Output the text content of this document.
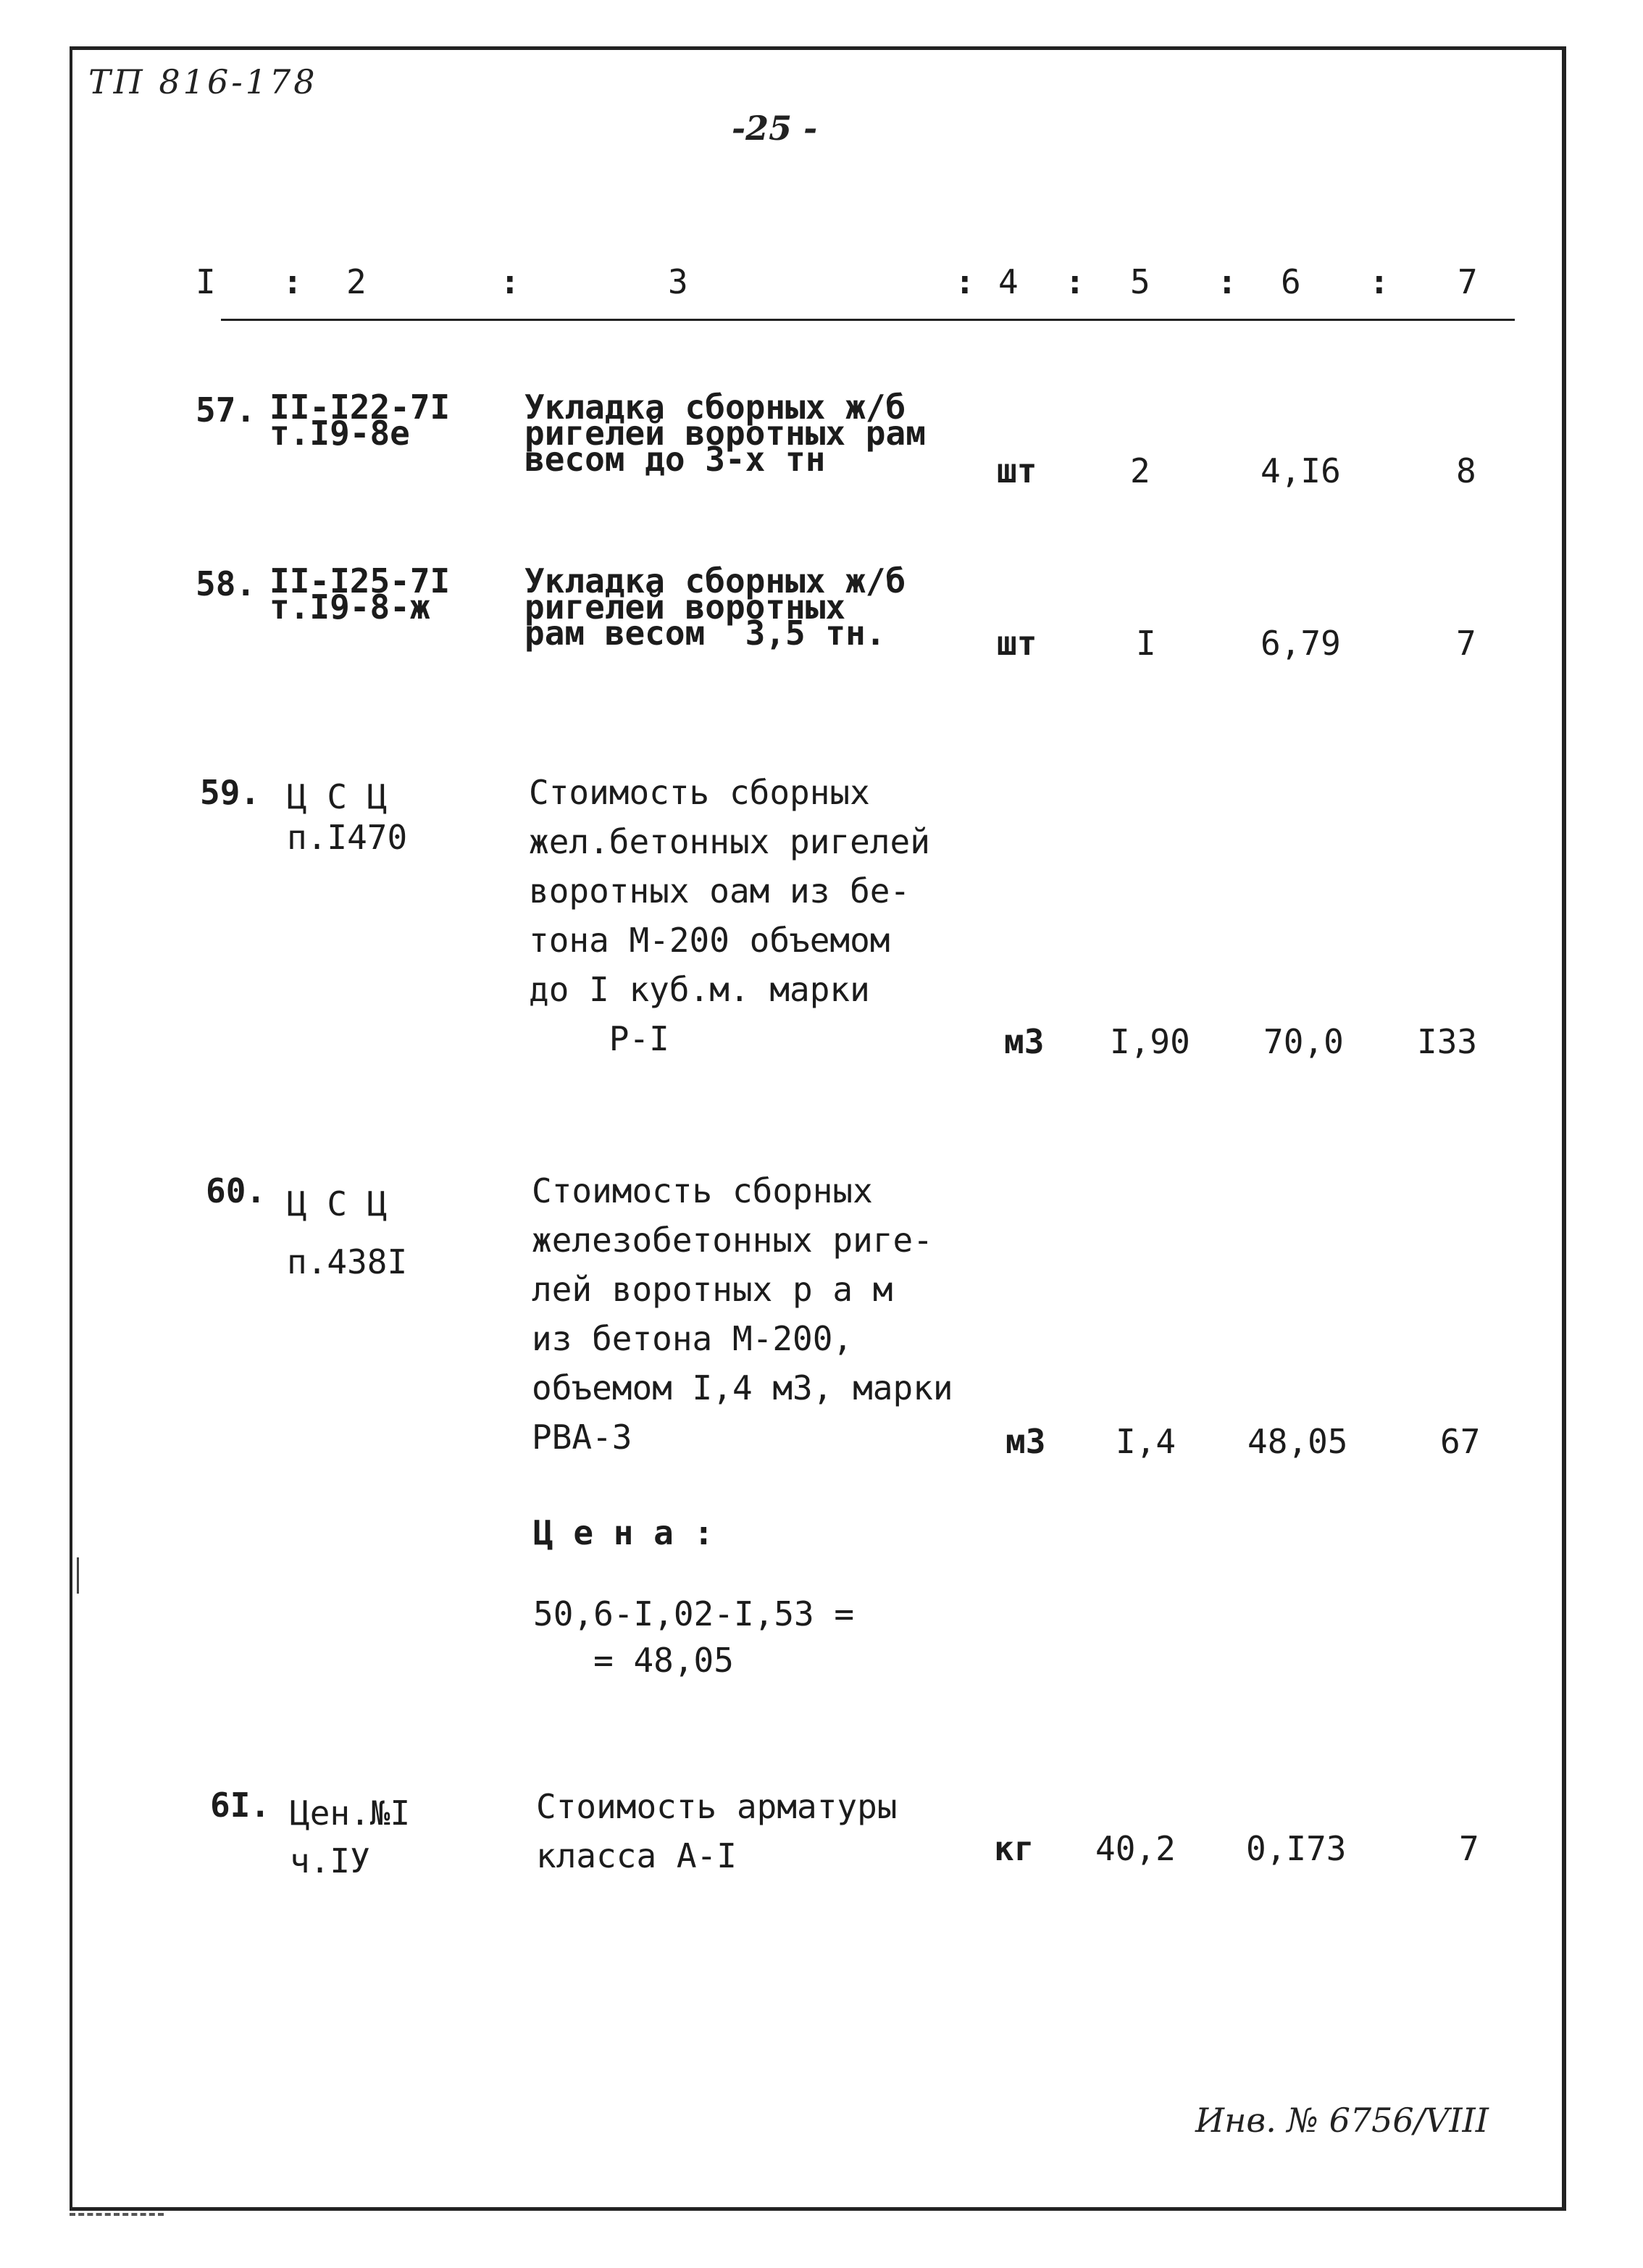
ТП 816-178
-25 -
I : 2	:	3	: 4 : 5 : 6 : 7
57. II-I22-7I
т.I9-8е
Укладка сборных ж/б
ригелей воротных рам
весом до 3-х тн	шт	2	4,I6	8
58. II-I25-7I
т.I9-8-ж
Укладка сборных ж/б
ригелей воротных
рам весом  3,5 тн.	шт	I	6,79	7
59. Ц С Ц
п.I470
Стоимость сборных
жел.бетонных ригелей
воротных оам из бе-
тона М-200 объемом
до I куб.м. марки
Р-I	м3 I,90 70,0 I33
60. Ц С Ц
п.438I
Стоимость сборных
железобетонных риге-
лей воротных р а м
из бетона М-200,
объемом I,4 м3, марки
РВА-3	м3 I,4 48,05	67
Ц е н а :
50,6-I,02-I,53 =
= 48,05
6I. Цен.№I
ч.IУ
Стоимость арматуры
класса А-I	кг 40,2 0,I73	7
Инв. № 6756/VIII
